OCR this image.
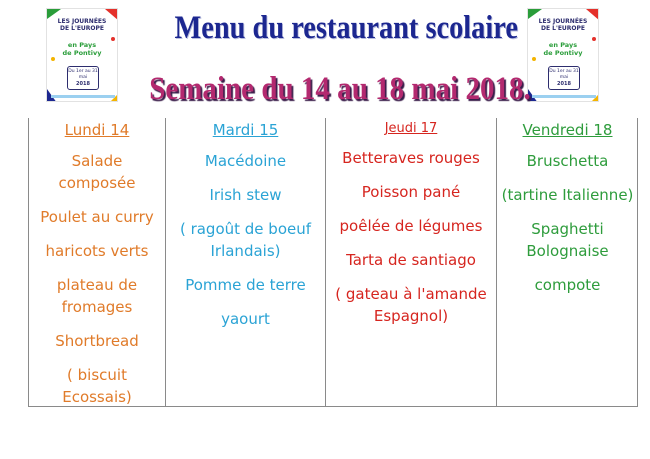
LES JOURNÉES
DE L'EUROPE
en Pays
de Pontivy
Du 1er au 31 mai
2018
LES JOURNÉES
DE L'EUROPE
en Pays
de Pontivy
Du 1er au 31 mai
2018
Menu du restaurant scolaire
Semaine du 14 au 18 mai 2018.
Lundi 14
Salade composée
Poulet au curry
haricots verts
plateau de fromages
Shortbread
( biscuit Ecossais)
Mardi 15
Macédoine
Irish stew
( ragoût de boeuf Irlandais)
Pomme de terre
yaourt
Jeudi 17
Betteraves rouges
Poisson pané
poêlée de légumes
Tarta de santiago
( gateau à l'amande Espagnol)
Vendredi 18
Bruschetta
(tartine Italienne)
Spaghetti Bolognaise
compote
